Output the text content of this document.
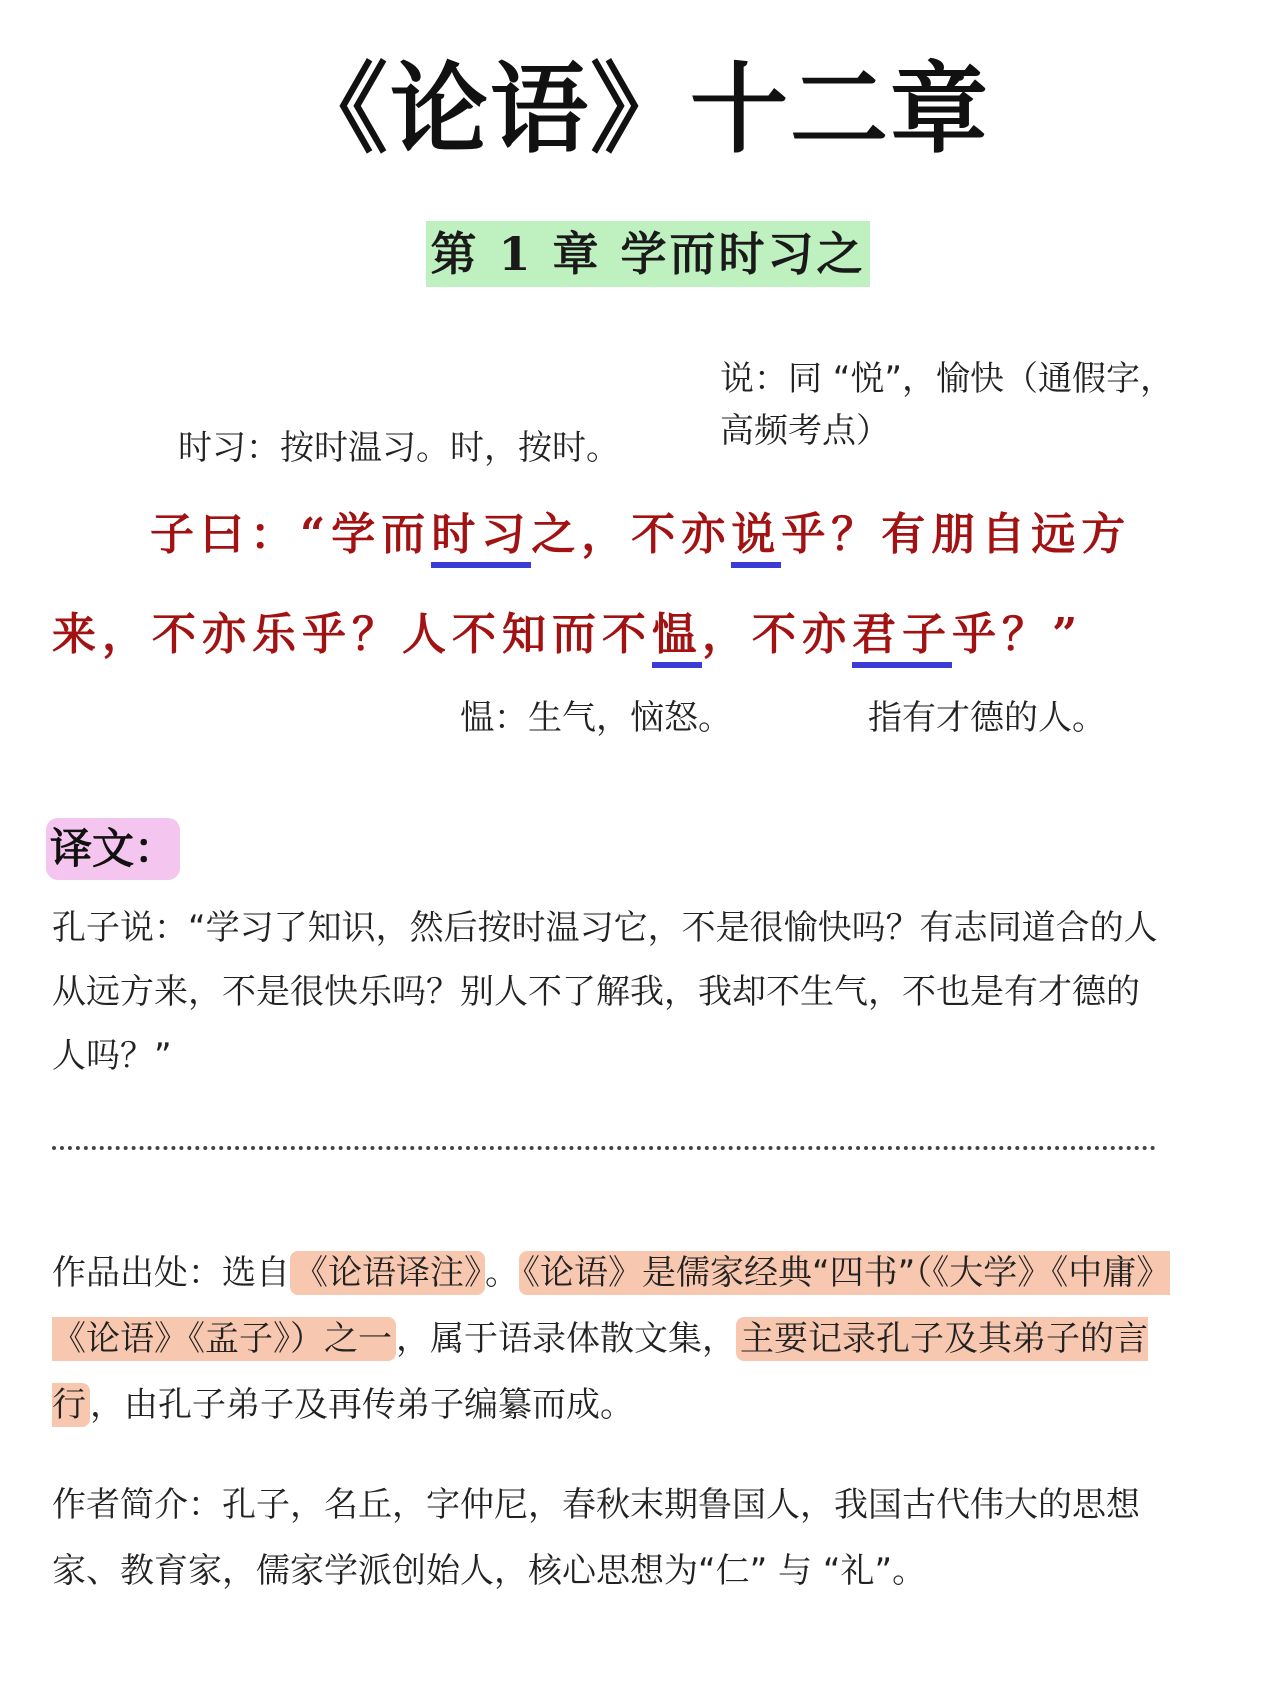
《论语》十二章
第 1 章 学而时习之
说：同 “悦”，愉快（通假字，高频考点）
时习：按时温习。时，按时。
子曰：“学而时习之，不亦说乎？有朋自远方
来，不亦乐乎？人不知而不愠，不亦君子乎？”
愠：生气，恼怒。	指有才德的人。
译文：
孔子说：“学习了知识，然后按时温习它，不是很愉快吗？有志同道合的人从远方来，不是很快乐吗？别人不了解我，我却不生气，不也是有才德的人吗？”
作品出处：选自 《论语译注》 。 《论语》是儒家经典“四书”（《大学》《中庸》《论语》《孟子》）之一 ，属于语录体散文集， 主要记录孔子及其弟子的言行 ，由孔子弟子及再传弟子编纂而成。
作者简介：孔子，名丘，字仲尼，春秋末期鲁国人，我国古代伟大的思想家、教育家，儒家学派创始人，核心思想为“仁” 与 “礼”。
